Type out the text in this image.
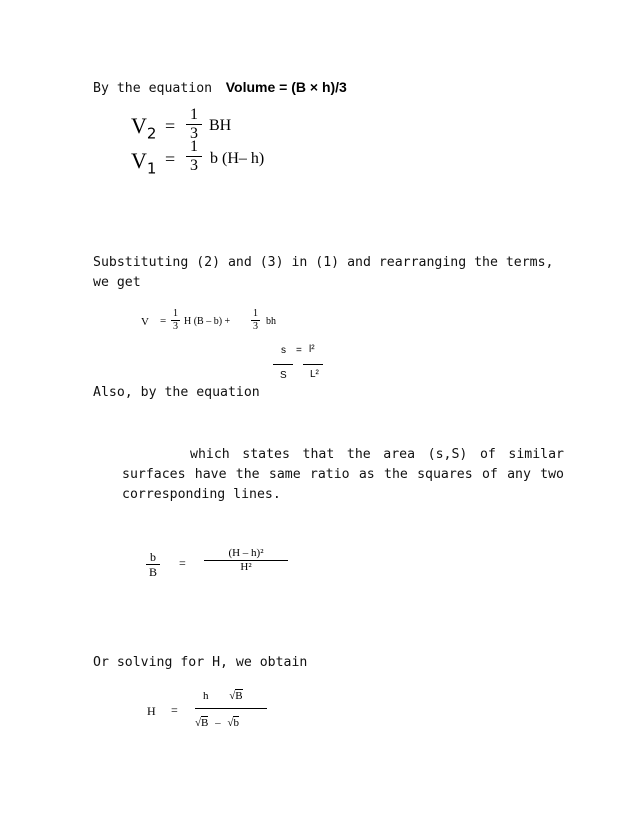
By the equation Volume = (B × h)/3
$V_2$ =
1
3 BH
$V_1$ =
1
3 b (H– h)
Substituting (2) and (3) in (1) and rearranging the terms,
we get
V =
1
3 H (B – b) +
1
3 bh
s = l²
S L²
Also, by the equation
which states that the area (s,S) of similar surfaces have the same ratio as the squares of any two corresponding lines.
b
B
=
(H – h)²
H²
Or solving for H, we obtain
H =
h √B
√B – √b
